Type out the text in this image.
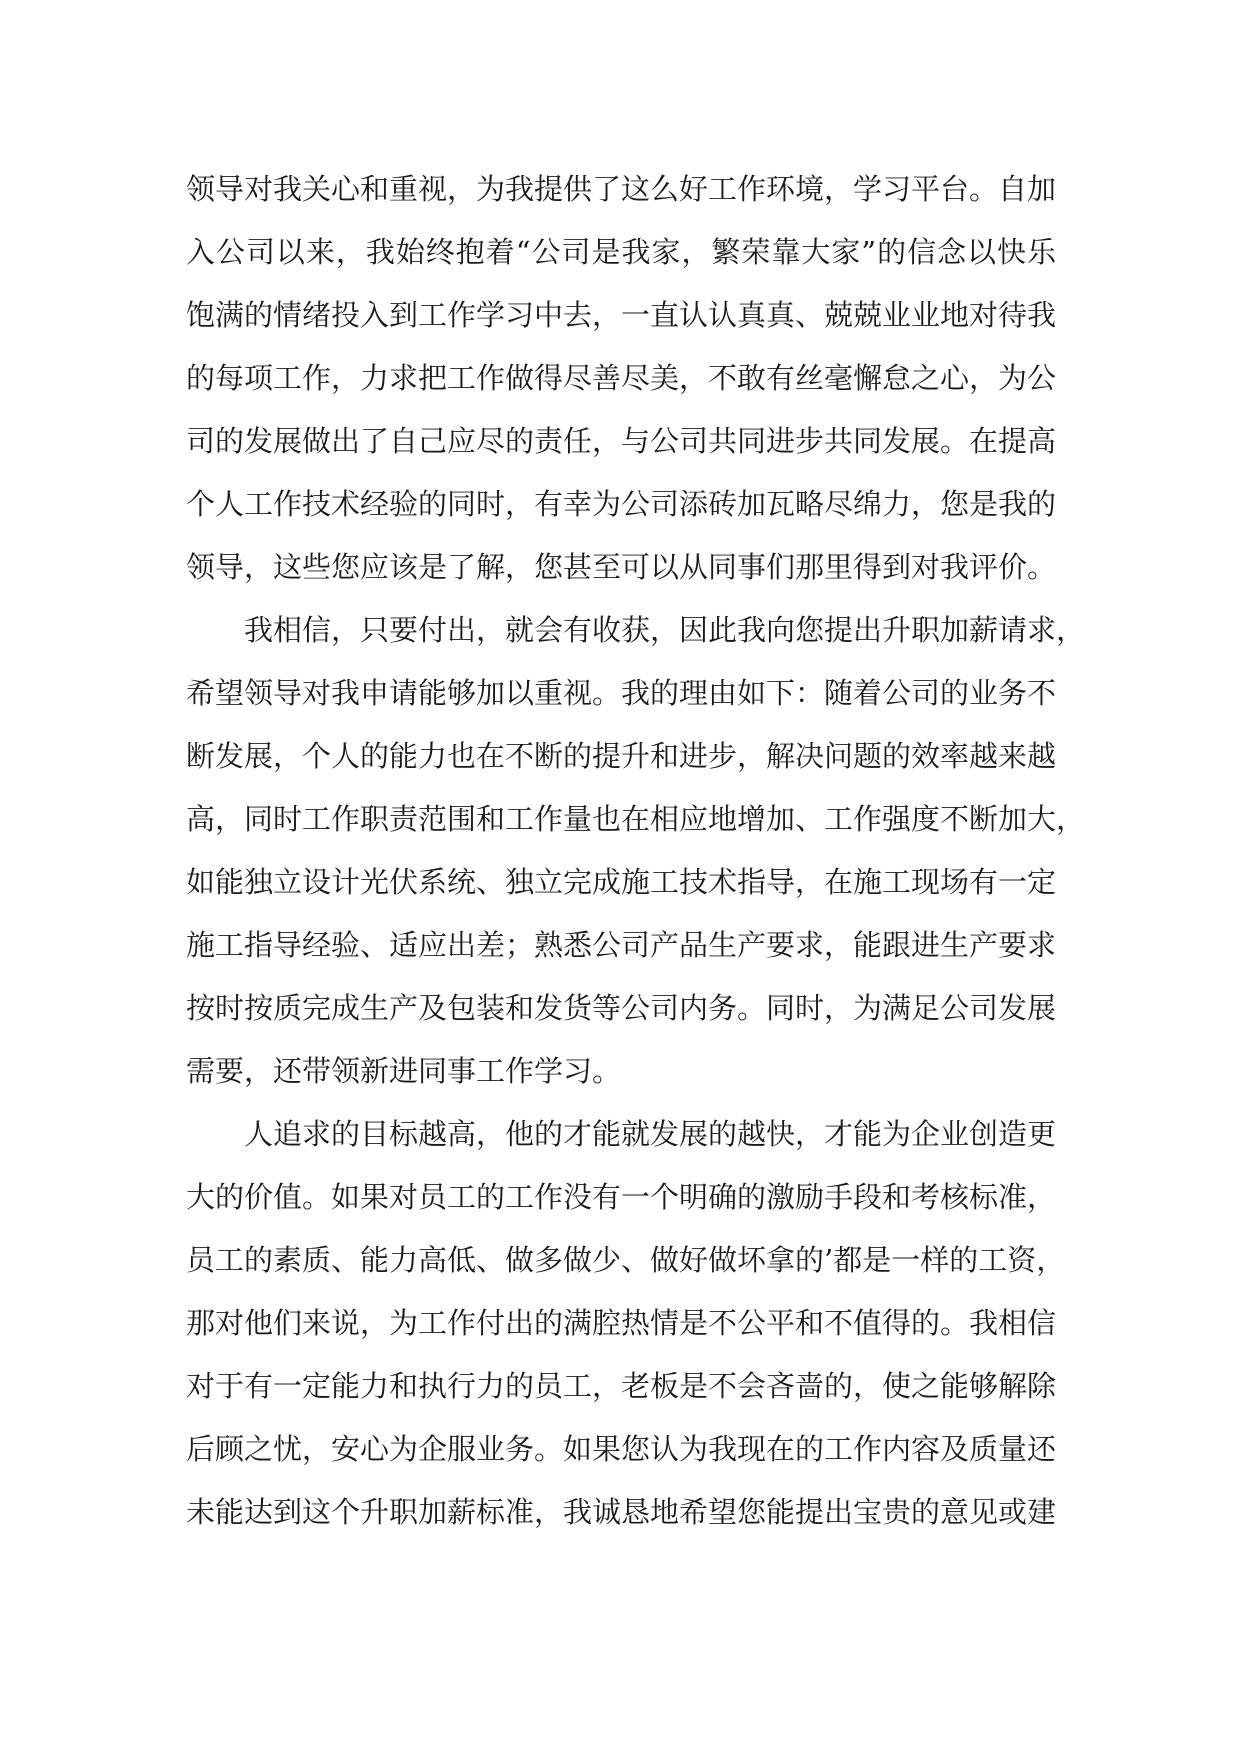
领导对我关心和重视，为我提供了这么好工作环境，学习平台。自加
入公司以来，我始终抱着“公司是我家，繁荣靠大家”的信念以快乐
饱满的情绪投入到工作学习中去，一直认认真真、兢兢业业地对待我
的每项工作，力求把工作做得尽善尽美，不敢有丝毫懈怠之心，为公
司的发展做出了自己应尽的责任，与公司共同进步共同发展。在提高
个人工作技术经验的同时，有幸为公司添砖加瓦略尽绵力，您是我的
领导，这些您应该是了解，您甚至可以从同事们那里得到对我评价。
我相信，只要付出，就会有收获，因此我向您提出升职加薪请求，
希望领导对我申请能够加以重视。我的理由如下：随着公司的业务不
断发展，个人的能力也在不断的提升和进步，解决问题的效率越来越
高，同时工作职责范围和工作量也在相应地增加、工作强度不断加大，
如能独立设计光伏系统、独立完成施工技术指导，在施工现场有一定
施工指导经验、适应出差；熟悉公司产品生产要求，能跟进生产要求
按时按质完成生产及包装和发货等公司内务。同时，为满足公司发展
需要，还带领新进同事工作学习。
人追求的目标越高，他的才能就发展的越快，才能为企业创造更
大的价值。如果对员工的工作没有一个明确的激励手段和考核标准，
员工的素质、能力高低、做多做少、做好做坏拿的’都是一样的工资，
那对他们来说，为工作付出的满腔热情是不公平和不值得的。我相信
对于有一定能力和执行力的员工，老板是不会吝啬的，使之能够解除
后顾之忧，安心为企服业务。如果您认为我现在的工作内容及质量还
未能达到这个升职加薪标准，我诚恳地希望您能提出宝贵的意见或建
